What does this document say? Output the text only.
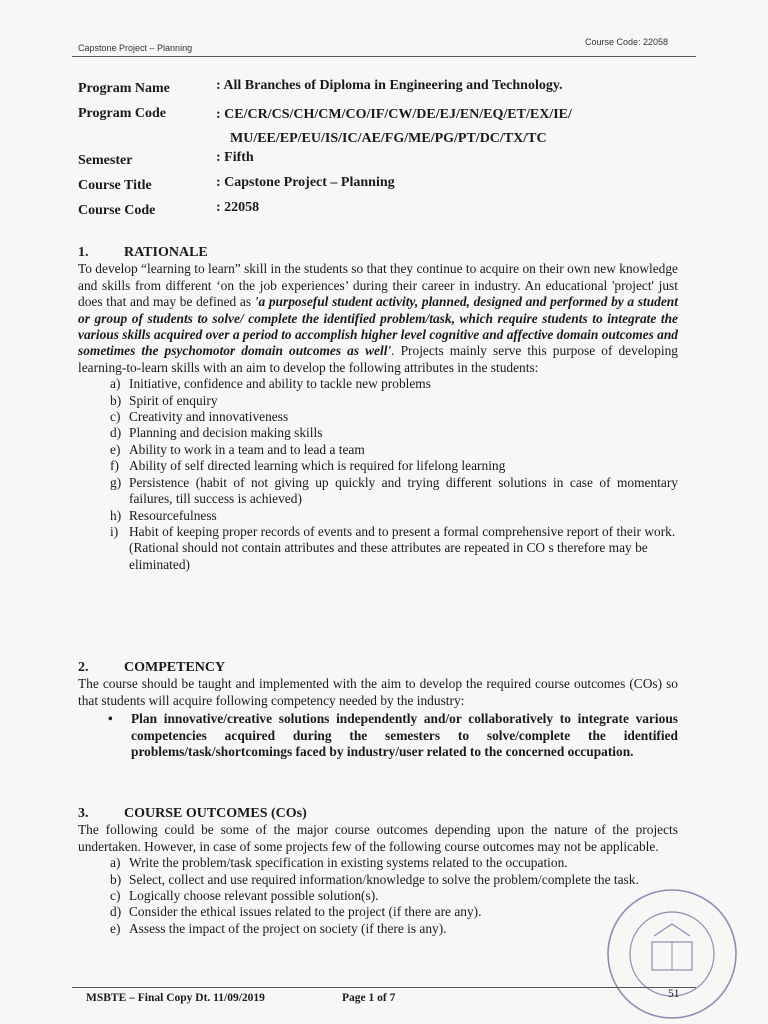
Capstone Project – Planning
Course Code: 22058
Program Name	: All Branches of Diploma in Engineering and Technology.
Program Code	: CE/CR/CS/CH/CM/CO/IF/CW/DE/EJ/EN/EQ/ET/EX/IE/
MU/EE/EP/EU/IS/IC/AE/FG/ME/PG/PT/DC/TX/TC
Semester	: Fifth
Course Title	: Capstone Project – Planning
Course Code	: 22058
1.	RATIONALE
To develop “learning to learn” skill in the students so that they continue to acquire on their own new knowledge and skills from different ‘on the job experiences’ during their career in industry. An educational 'project' just does that and may be defined as 'a purposeful student activity, planned, designed and performed by a student or group of students to solve/ complete the identified problem/task, which require students to integrate the various skills acquired over a period to accomplish higher level cognitive and affective domain outcomes and sometimes the psychomotor domain outcomes as well'. Projects mainly serve this purpose of developing learning-to-learn skills with an aim to develop the following attributes in the students:
a) Initiative, confidence and ability to tackle new problems
b) Spirit of enquiry
c) Creativity and innovativeness
d) Planning and decision making skills
e) Ability to work in a team and to lead a team
f) Ability of self directed learning which is required for lifelong learning
g) Persistence (habit of not giving up quickly and trying different solutions in case of momentary failures, till success is achieved)
h) Resourcefulness
i) Habit of keeping proper records of events and to present a formal comprehensive report of their work.
(Rational should not contain attributes and these attributes are repeated in CO s therefore may be eliminated)
2.	COMPETENCY
The course should be taught and implemented with the aim to develop the required course outcomes (COs) so that students will acquire following competency needed by the industry:
• Plan innovative/creative solutions independently and/or collaboratively to integrate various competencies acquired during the semesters to solve/complete the identified problems/task/shortcomings faced by industry/user related to the concerned occupation.
3.	COURSE OUTCOMES (COs)
The following could be some of the major course outcomes depending upon the nature of the projects undertaken. However, in case of some projects few of the following course outcomes may not be applicable.
a) Write the problem/task specification in existing systems related to the occupation.
b) Select, collect and use required information/knowledge to solve the problem/complete the task.
c) Logically choose relevant possible solution(s).
d) Consider the ethical issues related to the project (if there are any).
e) Assess the impact of the project on society (if there is any).
MSBTE – Final Copy Dt. 11/09/2019	Page 1 of 7	51
